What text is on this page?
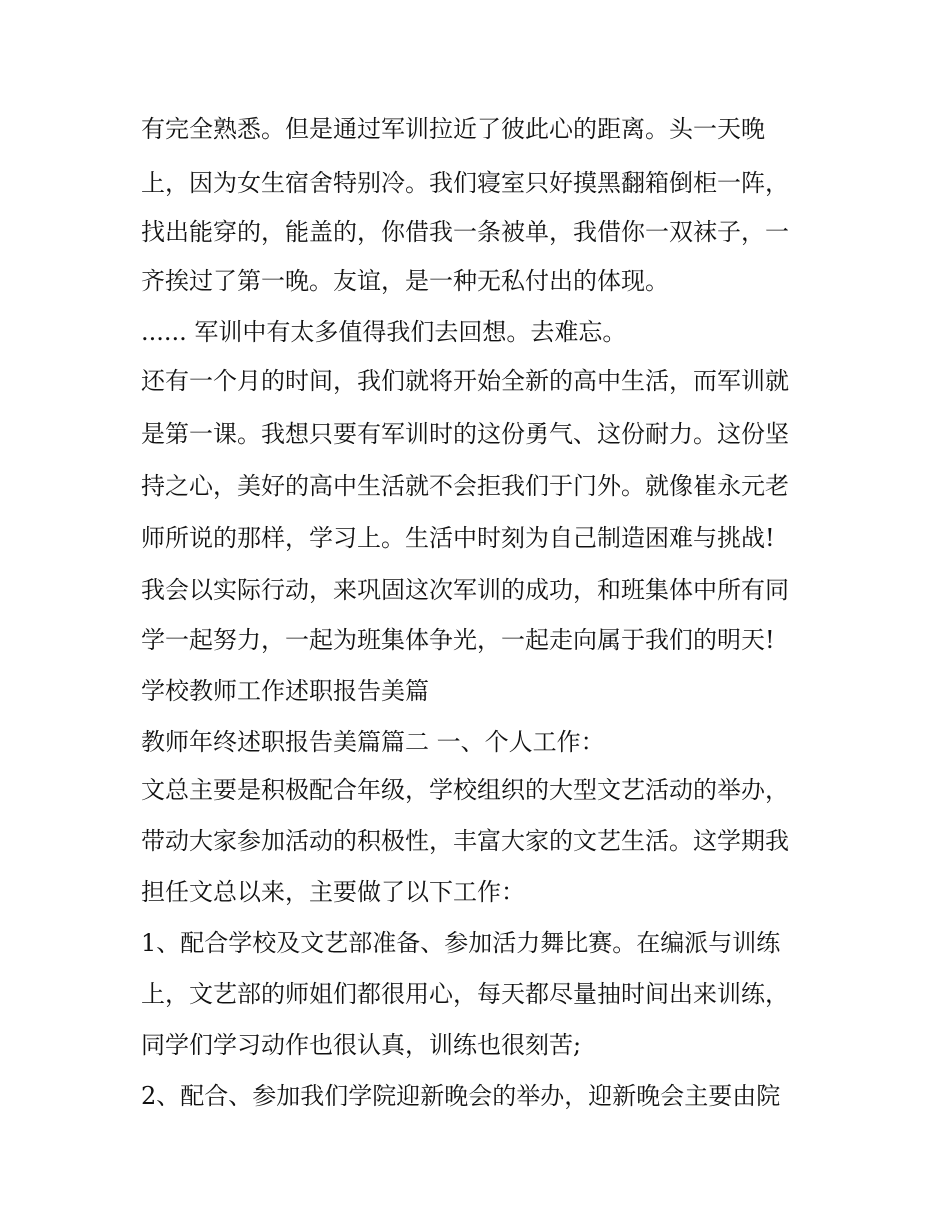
有完全熟悉。但是通过军训拉近了彼此心的距离。头一天晚

上，因为女生宿舍特别冷。我们寝室只好摸黑翻箱倒柜一阵，

找出能穿的，能盖的，你借我一条被单，我借你一双袜子，一

齐挨过了第一晚。友谊，是一种无私付出的体现。

...... 军训中有太多值得我们去回想。去难忘。

还有一个月的时间，我们就将开始全新的高中生活，而军训就

是第一课。我想只要有军训时的这份勇气、这份耐力。这份坚

持之心，美好的高中生活就不会拒我们于门外。就像崔永元老

师所说的那样，学习上。生活中时刻为自己制造困难与挑战!

我会以实际行动，来巩固这次军训的成功，和班集体中所有同

学一起努力，一起为班集体争光，一起走向属于我们的明天!

学校教师工作述职报告美篇

教师年终述职报告美篇篇二 一、个人工作：

文总主要是积极配合年级，学校组织的大型文艺活动的举办，

带动大家参加活动的积极性，丰富大家的文艺生活。这学期我

担任文总以来，主要做了以下工作：

1、配合学校及文艺部准备、参加活力舞比赛。在编派与训练

上，文艺部的师姐们都很用心，每天都尽量抽时间出来训练，

同学们学习动作也很认真，训练也很刻苦;

2、配合、参加我们学院迎新晚会的举办，迎新晚会主要由院
